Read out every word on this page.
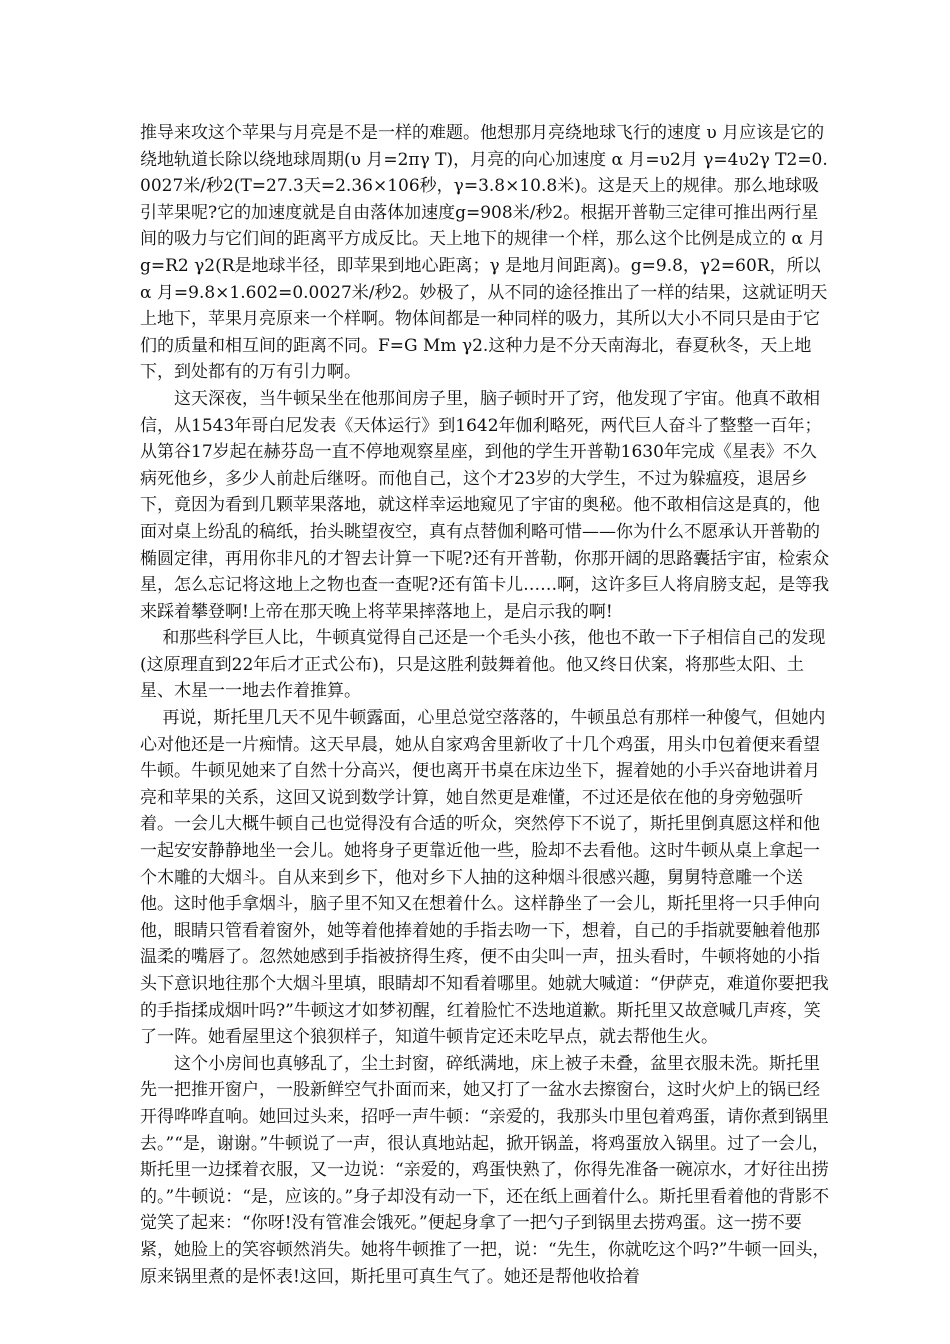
推导来攻这个苹果与月亮是不是一样的难题。他想那月亮绕地球飞行的速度 υ 月应该是它的绕地轨道长除以绕地球周期(υ 月=2πγ T)，月亮的向心加速度 α 月=υ2月 γ=4υ2γ T2=0.0027米/秒2(T=27.3天=2.36×106秒，γ=3.8×10.8米)。这是天上的规律。那么地球吸引苹果呢?它的加速度就是自由落体加速度g=908米/秒2。根据开普勒三定律可推出两行星间的吸力与它们间的距离平方成反比。天上地下的规律一个样，那么这个比例是成立的 α 月 g=R2 γ2(R是地球半径，即苹果到地心距离；γ 是地月间距离)。g=9.8，γ2=60R，所以 α 月=9.8×1.602=0.0027米/秒2。妙极了，从不同的途径推出了一样的结果，这就证明天上地下，苹果月亮原来一个样啊。物体间都是一种同样的吸力，其所以大小不同只是由于它们的质量和相互间的距离不同。F=G Mm γ2.这种力是不分天南海北，春夏秋冬，天上地下，到处都有的万有引力啊。

　　这天深夜，当牛顿呆坐在他那间房子里，脑子顿时开了窍，他发现了宇宙。他真不敢相信，从1543年哥白尼发表《天体运行》到1642年伽利略死，两代巨人奋斗了整整一百年；从第谷17岁起在赫芬岛一直不停地观察星座，到他的学生开普勒1630年完成《星表》不久病死他乡，多少人前赴后继呀。而他自己，这个才23岁的大学生，不过为躲瘟疫，退居乡下，竟因为看到几颗苹果落地，就这样幸运地窥见了宇宙的奥秘。他不敢相信这是真的，他面对桌上纷乱的稿纸，抬头眺望夜空，真有点替伽利略可惜——你为什么不愿承认开普勒的椭圆定律，再用你非凡的才智去计算一下呢?还有开普勒，你那开阔的思路囊括宇宙，检索众星，怎么忘记将这地上之物也查一查呢?还有笛卡儿……啊，这许多巨人将肩膀支起，是等我来踩着攀登啊!上帝在那天晚上将苹果摔落地上，是启示我的啊!

　 和那些科学巨人比，牛顿真觉得自己还是一个毛头小孩，他也不敢一下子相信自己的发现(这原理直到22年后才正式公布)，只是这胜利鼓舞着他。他又终日伏案，将那些太阳、土星、木星一一地去作着推算。

　 再说，斯托里几天不见牛顿露面，心里总觉空落落的，牛顿虽总有那样一种傻气，但她内心对他还是一片痴情。这天早晨，她从自家鸡舍里新收了十几个鸡蛋，用头巾包着便来看望牛顿。牛顿见她来了自然十分高兴，便也离开书桌在床边坐下，握着她的小手兴奋地讲着月亮和苹果的关系，这回又说到数学计算，她自然更是难懂，不过还是依在他的身旁勉强听着。一会儿大概牛顿自己也觉得没有合适的听众，突然停下不说了，斯托里倒真愿这样和他一起安安静静地坐一会儿。她将身子更靠近他一些，脸却不去看他。这时牛顿从桌上拿起一个木雕的大烟斗。自从来到乡下，他对乡下人抽的这种烟斗很感兴趣，舅舅特意雕一个送他。这时他手拿烟斗，脑子里不知又在想着什么。这样静坐了一会儿，斯托里将一只手伸向他，眼睛只管看着窗外，她等着他捧着她的手指去吻一下，想着，自己的手指就要触着他那温柔的嘴唇了。忽然她感到手指被挤得生疼，便不由尖叫一声，扭头看时，牛顿将她的小指头下意识地往那个大烟斗里填，眼睛却不知看着哪里。她就大喊道：“伊萨克，难道你要把我的手指揉成烟叶吗?”牛顿这才如梦初醒，红着脸忙不迭地道歉。斯托里又故意喊几声疼，笑了一阵。她看屋里这个狼狈样子，知道牛顿肯定还未吃早点，就去帮他生火。

　　这个小房间也真够乱了，尘土封窗，碎纸满地，床上被子未叠，盆里衣服未洗。斯托里先一把推开窗户，一股新鲜空气扑面而来，她又打了一盆水去擦窗台，这时火炉上的锅已经开得哗哗直响。她回过头来，招呼一声牛顿：“亲爱的，我那头巾里包着鸡蛋，请你煮到锅里去。”“是，谢谢。”牛顿说了一声，很认真地站起，掀开锅盖，将鸡蛋放入锅里。过了一会儿，斯托里一边揉着衣服，又一边说：“亲爱的，鸡蛋快熟了，你得先准备一碗凉水，才好往出捞的。”牛顿说：“是，应该的。”身子却没有动一下，还在纸上画着什么。斯托里看着他的背影不觉笑了起来：“你呀!没有管准会饿死。”便起身拿了一把勺子到锅里去捞鸡蛋。这一捞不要紧，她脸上的笑容顿然消失。她将牛顿推了一把，说：“先生，你就吃这个吗?”牛顿一回头，原来锅里煮的是怀表!这回，斯托里可真生气了。她还是帮他收拾着
